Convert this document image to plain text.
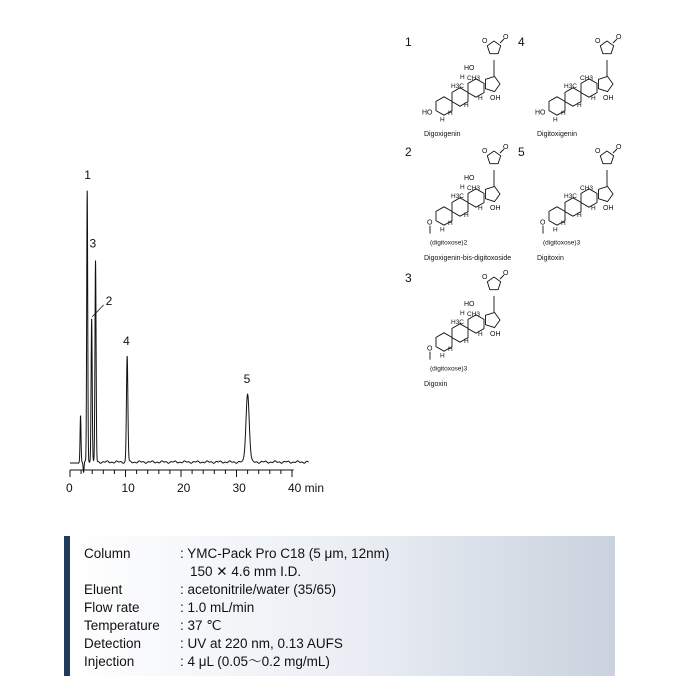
0	10	20	30	40 min
1
2
3
4
5
1	O
O
H3C
CH3
OH
H
H
H
HO
H
HO
H
Digoxigenin
4	O
O
H3C
CH3
OH
H
H
H
HO
H
Digitoxigenin
2	O
O
H3C
CH3
OH
H
H
H
HO
H
O
H
(digitoxose)2
Digoxigenin-bis-digitoxoside
5	O
O
H3C
CH3
OH
H
H
H
O
H
(digitoxose)3
Digitoxin
3	O
O
H3C
CH3
OH
H
H
H
HO
H
O
H
(digitoxose)3
Digoxin
Column	: YMC-Pack Pro C18 (5 μm, 12nm)
150 ✕ 4.6 mm I.D.
Eluent	: acetonitrile/water (35/65)
Flow rate	: 1.0 mL/min
Temperature : 37 ℃
Detection	: UV at 220 nm, 0.13 AUFS
Injection	: 4 μL (0.05〜0.2 mg/mL)
